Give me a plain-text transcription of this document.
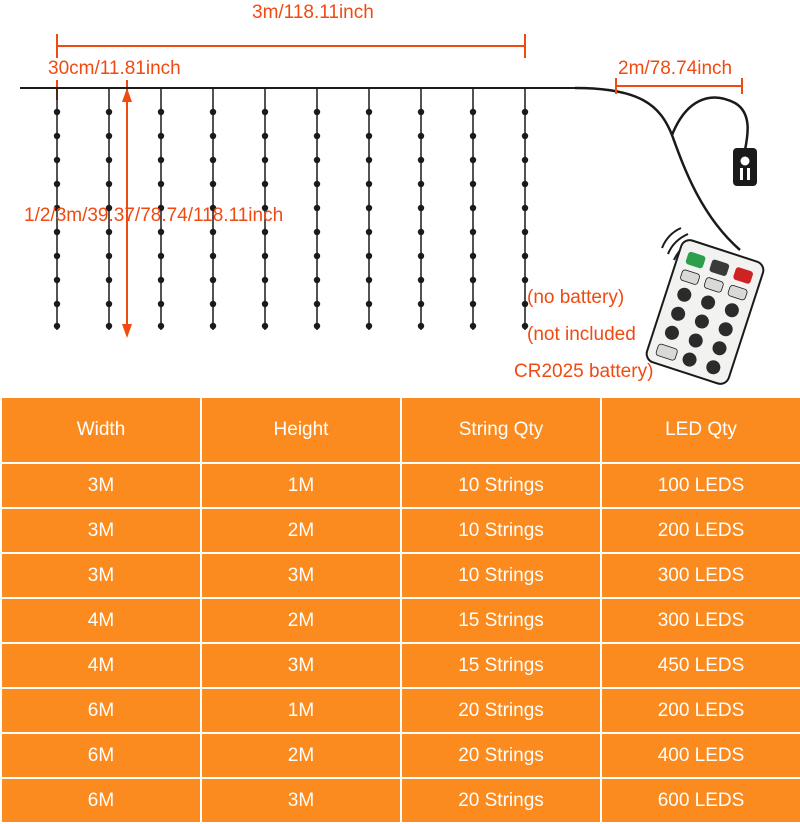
3m/118.11inch
30cm/11.81inch	2m/78.74inch
1/2/3m/39.37/78.74/118.11inch
(no battery)
(not included
CR2025 battery)
Width	Height	String Qty	LED Qty
3M	1M	10 Strings	100 LEDS
3M	2M	10 Strings	200 LEDS
3M	3M	10 Strings	300 LEDS
4M	2M	15 Strings	300 LEDS
4M	3M	15 Strings	450 LEDS
6M	1M	20 Strings	200 LEDS
6M	2M	20 Strings	400 LEDS
6M	3M	20 Strings	600 LEDS
